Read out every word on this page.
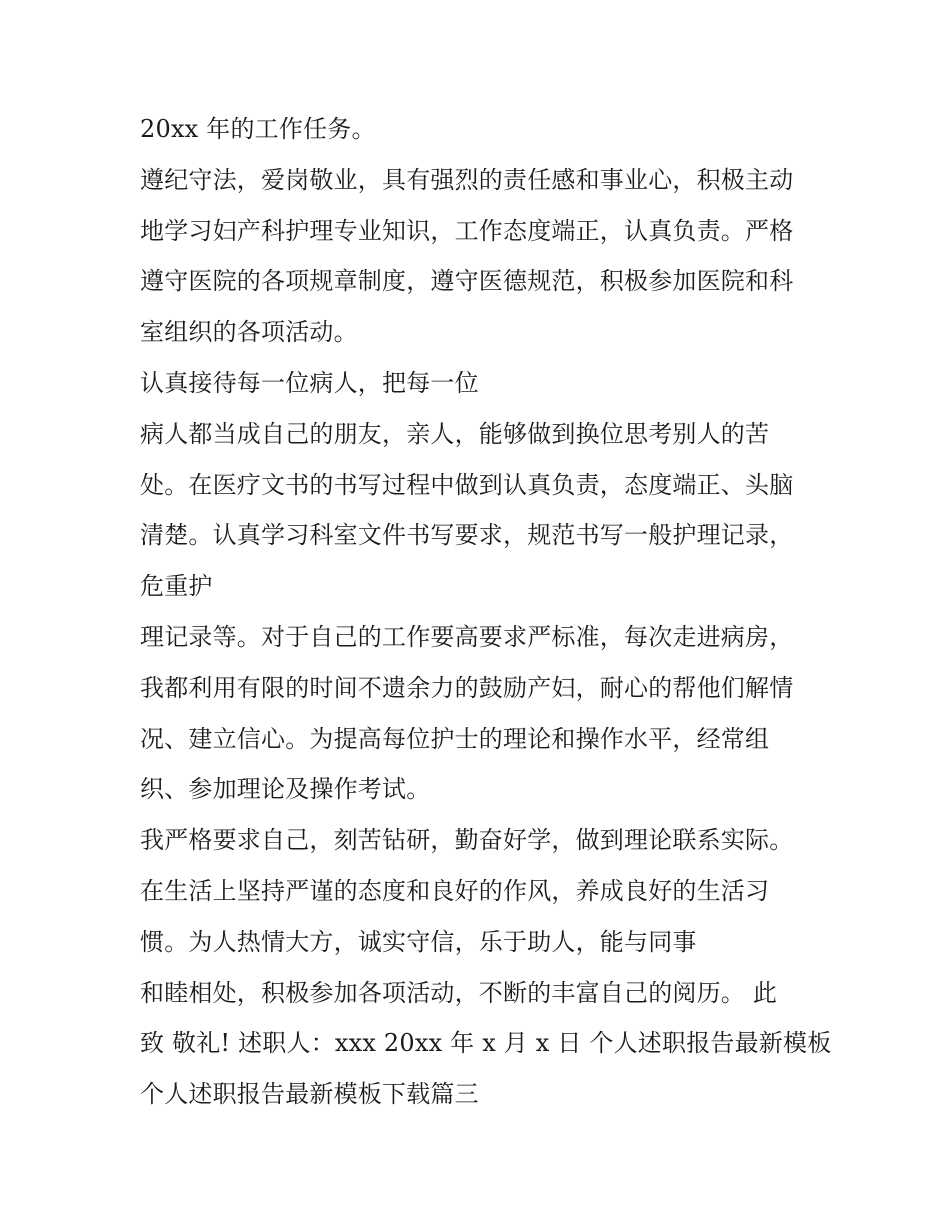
20xx 年的工作任务。
遵纪守法，爱岗敬业，具有强烈的责任感和事业心，积极主动
地学习妇产科护理专业知识，工作态度端正，认真负责。严格
遵守医院的各项规章制度，遵守医德规范，积极参加医院和科
室组织的各项活动。
认真接待每一位病人，把每一位
病人都当成自己的朋友，亲人，能够做到换位思考别人的苦
处。在医疗文书的书写过程中做到认真负责，态度端正、头脑
清楚。认真学习科室文件书写要求，规范书写一般护理记录，
危重护
理记录等。对于自己的工作要高要求严标准，每次走进病房，
我都利用有限的时间不遗余力的鼓励产妇，耐心的帮他们解情
况、建立信心。为提高每位护士的理论和操作水平，经常组
织、参加理论及操作考试。
我严格要求自己，刻苦钻研，勤奋好学，做到理论联系实际。
在生活上坚持严谨的态度和良好的作风，养成良好的生活习
惯。为人热情大方，诚实守信，乐于助人，能与同事
和睦相处，积极参加各项活动，不断的丰富自己的阅历。 此
致 敬礼! 述职人：xxx 20xx 年 x 月 x 日 个人述职报告最新模板
个人述职报告最新模板下载篇三
